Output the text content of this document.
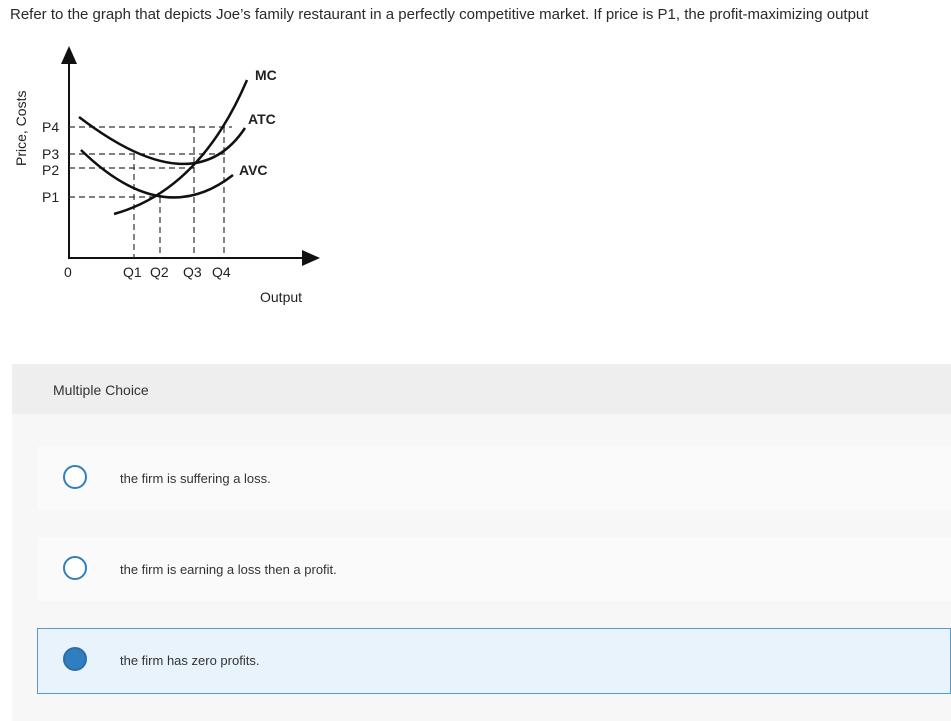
Refer to the graph that depicts Joe’s family restaurant in a perfectly competitive market. If price is P1, the profit-maximizing output
MC
ATC
AVC
P4
P3
P2
P1
0	Q1 Q2 Q3 Q4
Output
Price, Costs
Multiple Choice
the firm is suffering a loss.
the firm is earning a loss then a profit.
the firm has zero profits.
